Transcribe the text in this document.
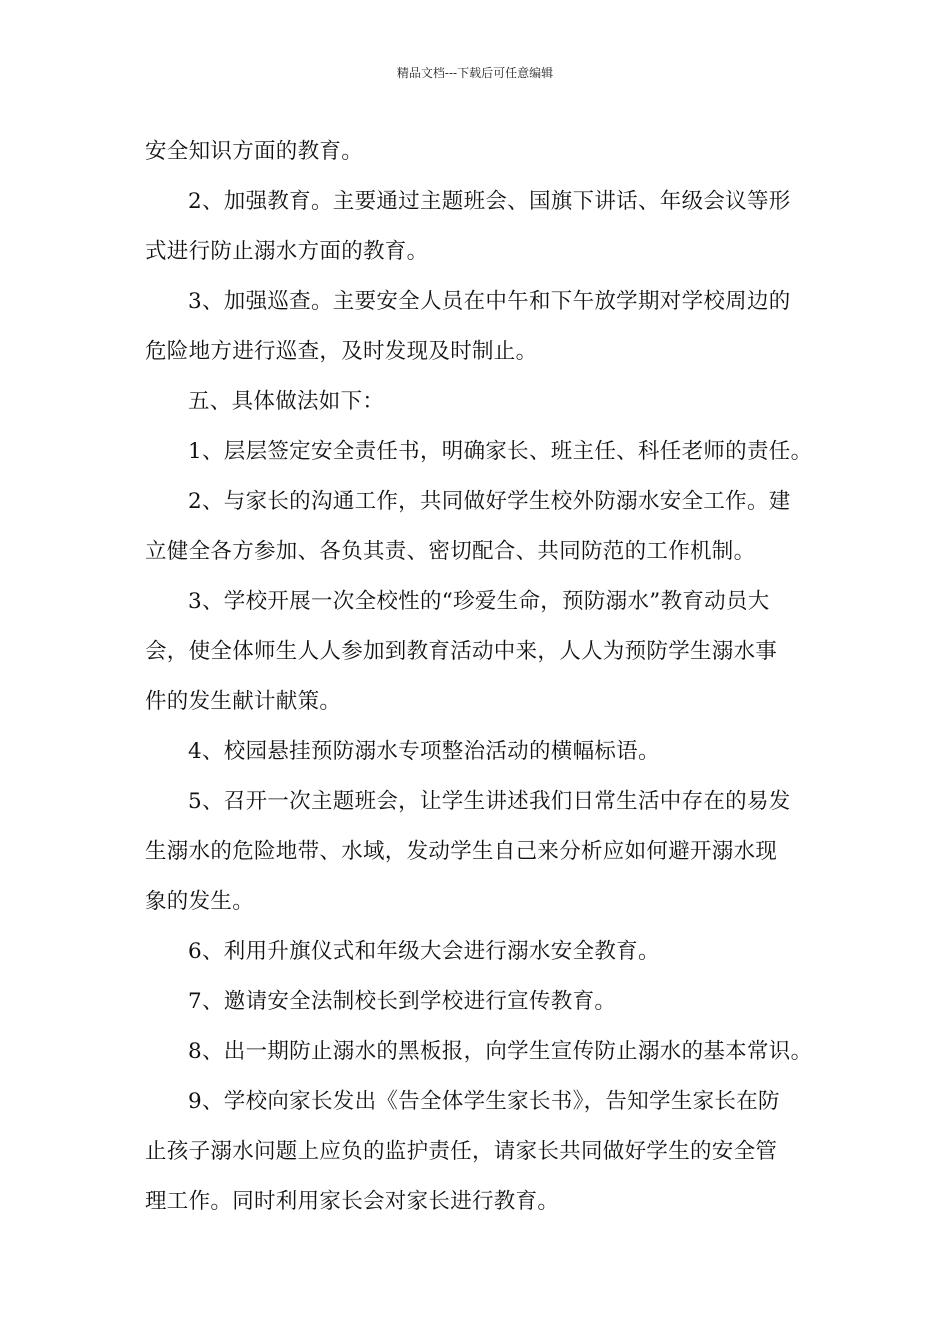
精品文档---下载后可任意编辑
安全知识方面的教育。
2、加强教育。主要通过主题班会、国旗下讲话、年级会议等形
式进行防止溺水方面的教育。
3、加强巡查。主要安全人员在中午和下午放学期对学校周边的
危险地方进行巡查，及时发现及时制止。
五、具体做法如下：
1、层层签定安全责任书，明确家长、班主任、科任老师的责任。
2、与家长的沟通工作，共同做好学生校外防溺水安全工作。建
立健全各方参加、各负其责、密切配合、共同防范的工作机制。
3、学校开展一次全校性的“珍爱生命，预防溺水”教育动员大
会，使全体师生人人参加到教育活动中来，人人为预防学生溺水事
件的发生献计献策。
4、校园悬挂预防溺水专项整治活动的横幅标语。
5、召开一次主题班会，让学生讲述我们日常生活中存在的易发
生溺水的危险地带、水域，发动学生自己来分析应如何避开溺水现
象的发生。
6、利用升旗仪式和年级大会进行溺水安全教育。
7、邀请安全法制校长到学校进行宣传教育。
8、出一期防止溺水的黑板报，向学生宣传防止溺水的基本常识。
9、学校向家长发出《告全体学生家长书》，告知学生家长在防
止孩子溺水问题上应负的监护责任，请家长共同做好学生的安全管
理工作。同时利用家长会对家长进行教育。
